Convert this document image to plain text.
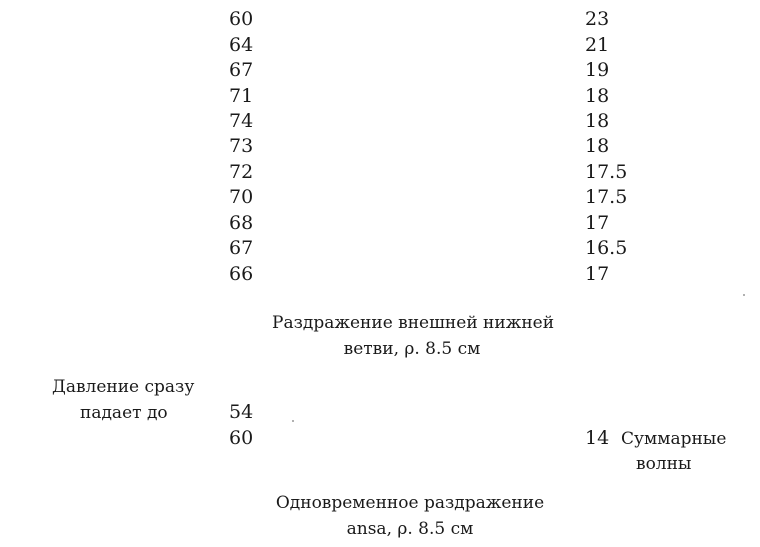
60
64
67
71
74
73
72
70
68
67
66
23
21
19
18
18
18
17.5
17.5
17
16.5
17
Раздражение внешней нижней
ветви, ρ. 8.5 см
Давление сразу
падает до	54
60	14 Суммарные
волны
Одновременное раздражение
ansa, ρ. 8.5 см
